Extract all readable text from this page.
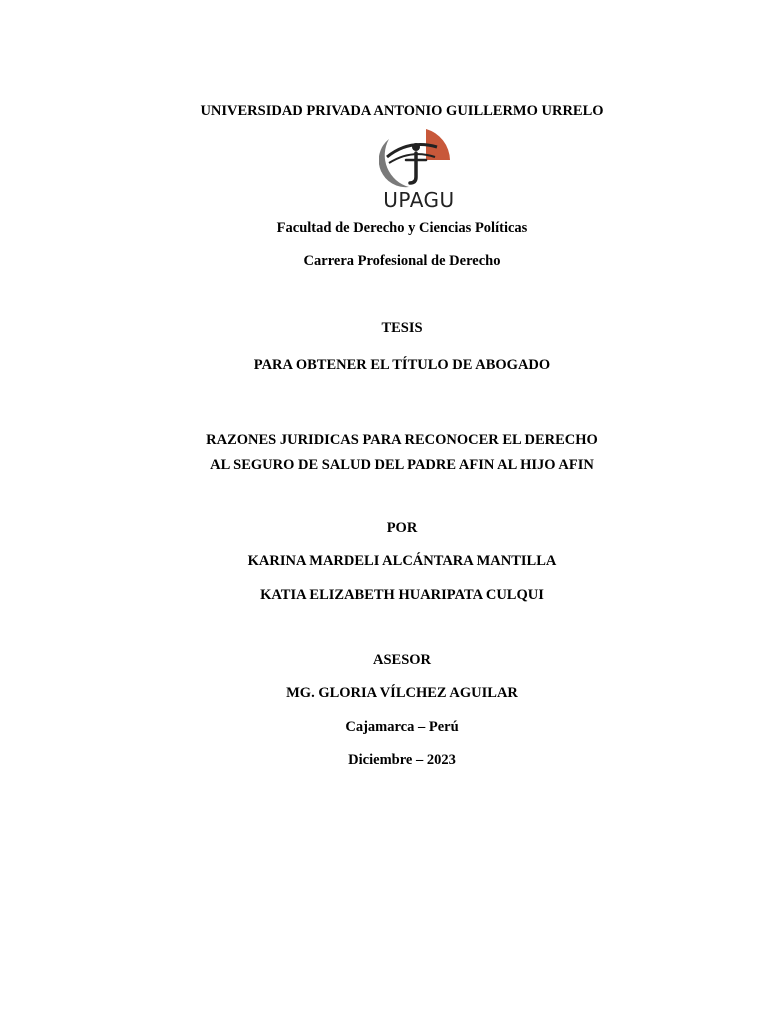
UNIVERSIDAD PRIVADA ANTONIO GUILLERMO URRELO
UPAGU
Facultad de Derecho y Ciencias Políticas
Carrera Profesional de Derecho
TESIS
PARA OBTENER EL TÍTULO DE ABOGADO
RAZONES JURIDICAS PARA RECONOCER EL DERECHO
AL SEGURO DE SALUD DEL PADRE AFIN AL HIJO AFIN
POR
KARINA MARDELI ALCÁNTARA MANTILLA
KATIA ELIZABETH HUARIPATA CULQUI
ASESOR
MG. GLORIA VÍLCHEZ AGUILAR
Cajamarca – Perú
Diciembre – 2023
